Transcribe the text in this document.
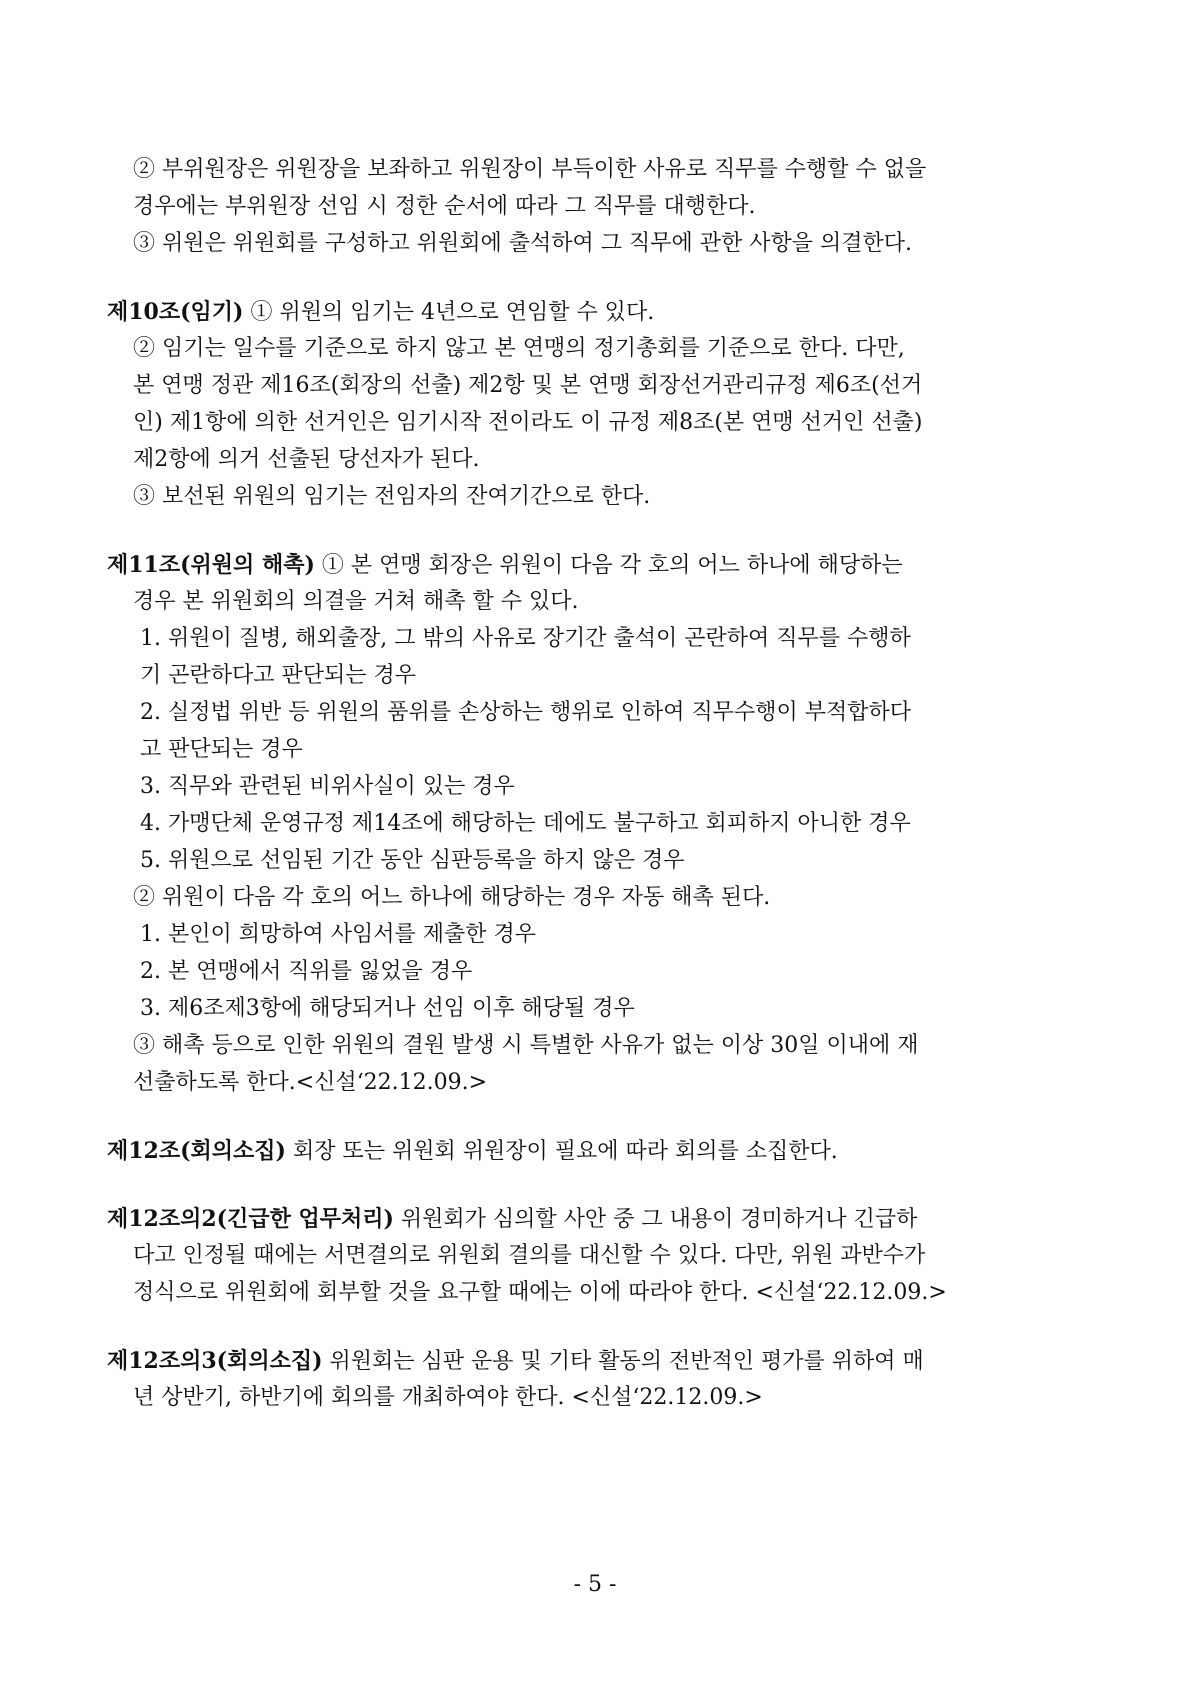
② 부위원장은 위원장을 보좌하고 위원장이 부득이한 사유로 직무를 수행할 수 없을
경우에는 부위원장 선임 시 정한 순서에 따라 그 직무를 대행한다.
③ 위원은 위원회를 구성하고 위원회에 출석하여 그 직무에 관한 사항을 의결한다.
제10조(임기) ① 위원의 임기는 4년으로 연임할 수 있다.
② 임기는 일수를 기준으로 하지 않고 본 연맹의 정기총회를 기준으로 한다. 다만,
본 연맹 정관 제16조(회장의 선출) 제2항 및 본 연맹 회장선거관리규정 제6조(선거
인) 제1항에 의한 선거인은 임기시작 전이라도 이 규정 제8조(본 연맹 선거인 선출)
제2항에 의거 선출된 당선자가 된다.
③ 보선된 위원의 임기는 전임자의 잔여기간으로 한다.
제11조(위원의 해촉) ① 본 연맹 회장은 위원이 다음 각 호의 어느 하나에 해당하는
경우 본 위원회의 의결을 거쳐 해촉 할 수 있다.
1. 위원이 질병, 해외출장, 그 밖의 사유로 장기간 출석이 곤란하여 직무를 수행하
기 곤란하다고 판단되는 경우
2. 실정법 위반 등 위원의 품위를 손상하는 행위로 인하여 직무수행이 부적합하다
고 판단되는 경우
3. 직무와 관련된 비위사실이 있는 경우
4. 가맹단체 운영규정 제14조에 해당하는 데에도 불구하고 회피하지 아니한 경우
5. 위원으로 선임된 기간 동안 심판등록을 하지 않은 경우
② 위원이 다음 각 호의 어느 하나에 해당하는 경우 자동 해촉 된다.
1. 본인이 희망하여 사임서를 제출한 경우
2. 본 연맹에서 직위를 잃었을 경우
3. 제6조제3항에 해당되거나 선임 이후 해당될 경우
③ 해촉 등으로 인한 위원의 결원 발생 시 특별한 사유가 없는 이상 30일 이내에 재
선출하도록 한다.<신설‘22.12.09.>
제12조(회의소집) 회장 또는 위원회 위원장이 필요에 따라 회의를 소집한다.
제12조의2(긴급한 업무처리) 위원회가 심의할 사안 중 그 내용이 경미하거나 긴급하
다고 인정될 때에는 서면결의로 위원회 결의를 대신할 수 있다. 다만, 위원 과반수가
정식으로 위원회에 회부할 것을 요구할 때에는 이에 따라야 한다. <신설‘22.12.09.>
제12조의3(회의소집) 위원회는 심판 운용 및 기타 활동의 전반적인 평가를 위하여 매
년 상반기, 하반기에 회의를 개최하여야 한다. <신설‘22.12.09.>
- 5 -
